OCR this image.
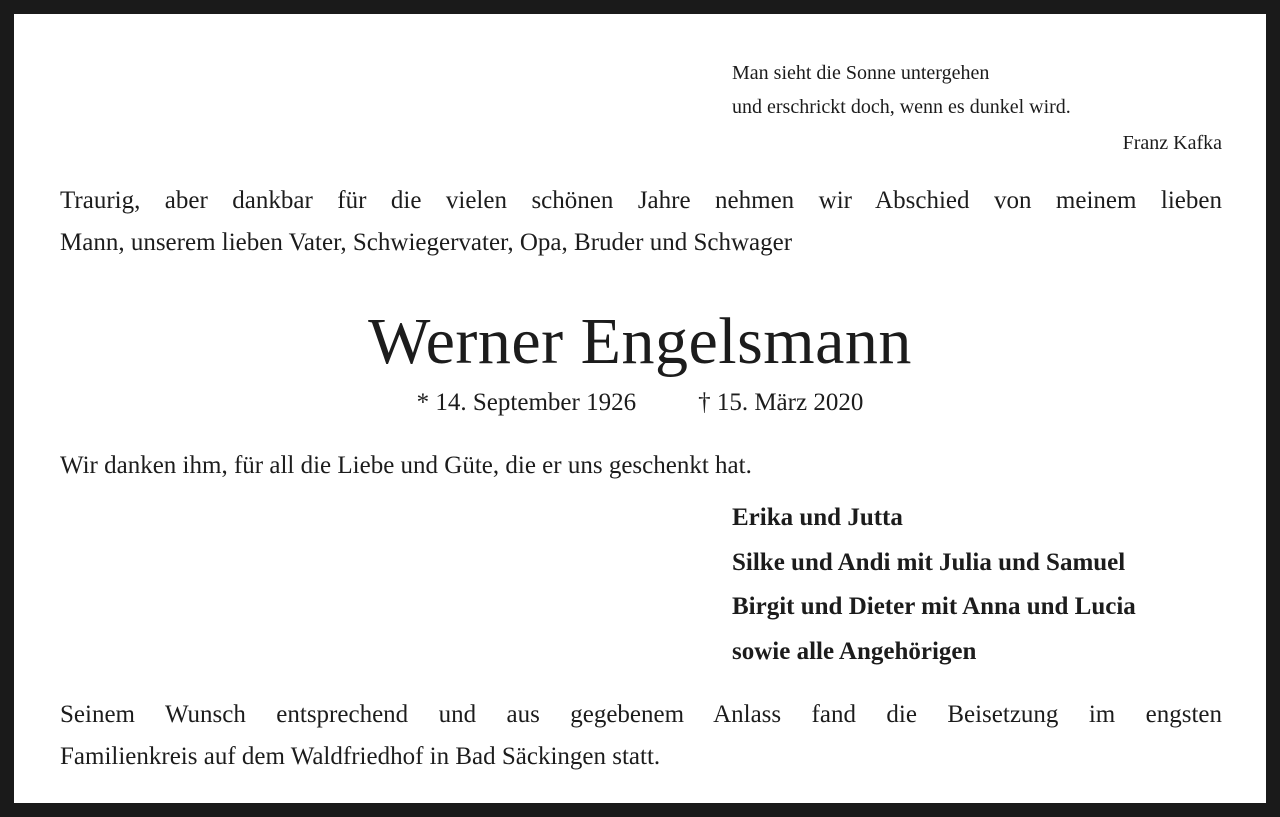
Man sieht die Sonne untergehen
und erschrickt doch, wenn es dunkel wird.
Franz Kafka
Traurig, aber dankbar für die vielen schönen Jahre nehmen wir Abschied von meinem lieben
Mann, unserem lieben Vater, Schwiegervater, Opa, Bruder und Schwager
Werner Engelsmann
* 14. September 1926 † 15. März 2020
Wir danken ihm, für all die Liebe und Güte, die er uns geschenkt hat.
Erika und Jutta
Silke und Andi mit Julia und Samuel
Birgit und Dieter mit Anna und Lucia
sowie alle Angehörigen
Seinem Wunsch entsprechend und aus gegebenem Anlass fand die Beisetzung im engsten
Familienkreis auf dem Waldfriedhof in Bad Säckingen statt.
